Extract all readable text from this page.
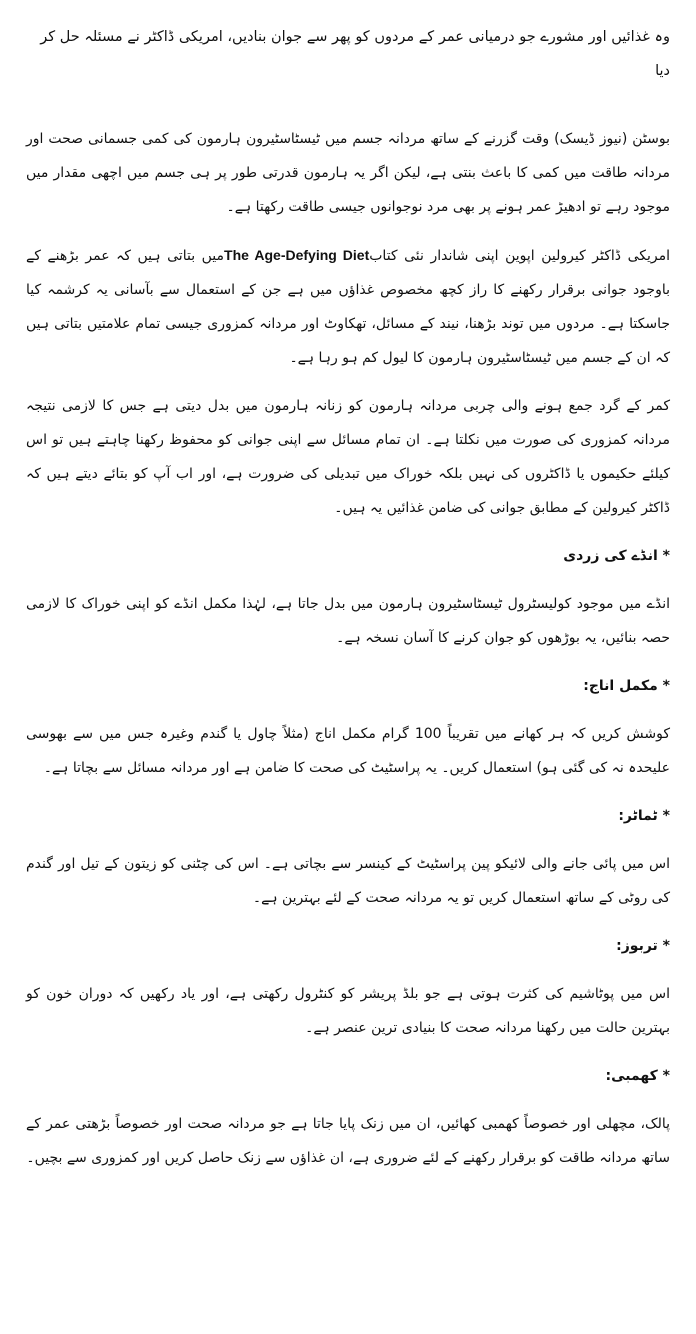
وہ غذائیں اور مشورے جو درمیانی عمر کے مردوں کو پھر سے جوان بنادیں، امریکی ڈاکٹر نے مسئلہ حل کر دیا

بوسٹن (نیوز ڈیسک) وقت گزرنے کے ساتھ مردانہ جسم میں ٹیسٹاسٹیرون ہارمون کی کمی جسمانی صحت اور مردانہ طاقت میں کمی کا باعث بنتی ہے، لیکن اگر یہ ہارمون قدرتی طور پر ہی جسم میں اچھی مقدار میں موجود رہے تو ادھیڑ عمر ہونے پر بھی مرد نوجوانوں جیسی طاقت رکھتا ہے۔

امریکی ڈاکٹر کیرولین اپوین اپنی شاندار نئی کتابThe Age-Defying Dietمیں بتاتی ہیں کہ عمر بڑھنے کے باوجود جوانی برقرار رکھنے کا راز کچھ مخصوص غذاؤں میں ہے جن کے استعمال سے بآسانی یہ کرشمہ کیا جاسکتا ہے۔ مردوں میں توند بڑھنا، نیند کے مسائل، تھکاوٹ اور مردانہ کمزوری جیسی تمام علامتیں بتاتی ہیں کہ ان کے جسم میں ٹیسٹاسٹیرون ہارمون کا لیول کم ہو رہا ہے۔

کمر کے گرد جمع ہونے والی چربی مردانہ ہارمون کو زنانہ ہارمون میں بدل دیتی ہے جس کا لازمی نتیجہ مردانہ کمزوری کی صورت میں نکلتا ہے۔ ان تمام مسائل سے اپنی جوانی کو محفوظ رکھنا چاہتے ہیں تو اس کیلئے حکیموں یا ڈاکٹروں کی نہیں بلکہ خوراک میں تبدیلی کی ضرورت ہے، اور اب آپ کو بتائے دیتے ہیں کہ ڈاکٹر کیرولین کے مطابق جوانی کی ضامن غذائیں یہ ہیں۔

* انڈے کی زردی

انڈے میں موجود کولیسٹرول ٹیسٹاسٹیرون ہارمون میں بدل جاتا ہے، لہٰذا مکمل انڈے کو اپنی خوراک کا لازمی حصہ بنائیں، یہ بوڑھوں کو جوان کرنے کا آسان نسخہ ہے۔

* مکمل اناج:

کوشش کریں کہ ہر کھانے میں تقریباً 100 گرام مکمل اناج (مثلاً چاول یا گندم وغیرہ جس میں سے بھوسی علیحدہ نہ کی گئی ہو) استعمال کریں۔ یہ پراسٹیٹ کی صحت کا ضامن ہے اور مردانہ مسائل سے بچاتا ہے۔

* ٹماٹر:

اس میں پائی جانے والی لائیکو پین پراسٹیٹ کے کینسر سے بچاتی ہے۔ اس کی چٹنی کو زیتون کے تیل اور گندم کی روٹی کے ساتھ استعمال کریں تو یہ مردانہ صحت کے لئے بہترین ہے۔

* تربوز:

اس میں پوٹاشیم کی کثرت ہوتی ہے جو بلڈ پریشر کو کنٹرول رکھتی ہے، اور یاد رکھیں کہ دوران خون کو بہترین حالت میں رکھنا مردانہ صحت کا بنیادی ترین عنصر ہے۔

* کھمبی:

پالک، مچھلی اور خصوصاً کھمبی کھائیں، ان میں زنک پایا جاتا ہے جو مردانہ صحت اور خصوصاً بڑھتی عمر کے ساتھ مردانہ طاقت کو برقرار رکھنے کے لئے ضروری ہے، ان غذاؤں سے زنک حاصل کریں اور کمزوری سے بچیں۔
